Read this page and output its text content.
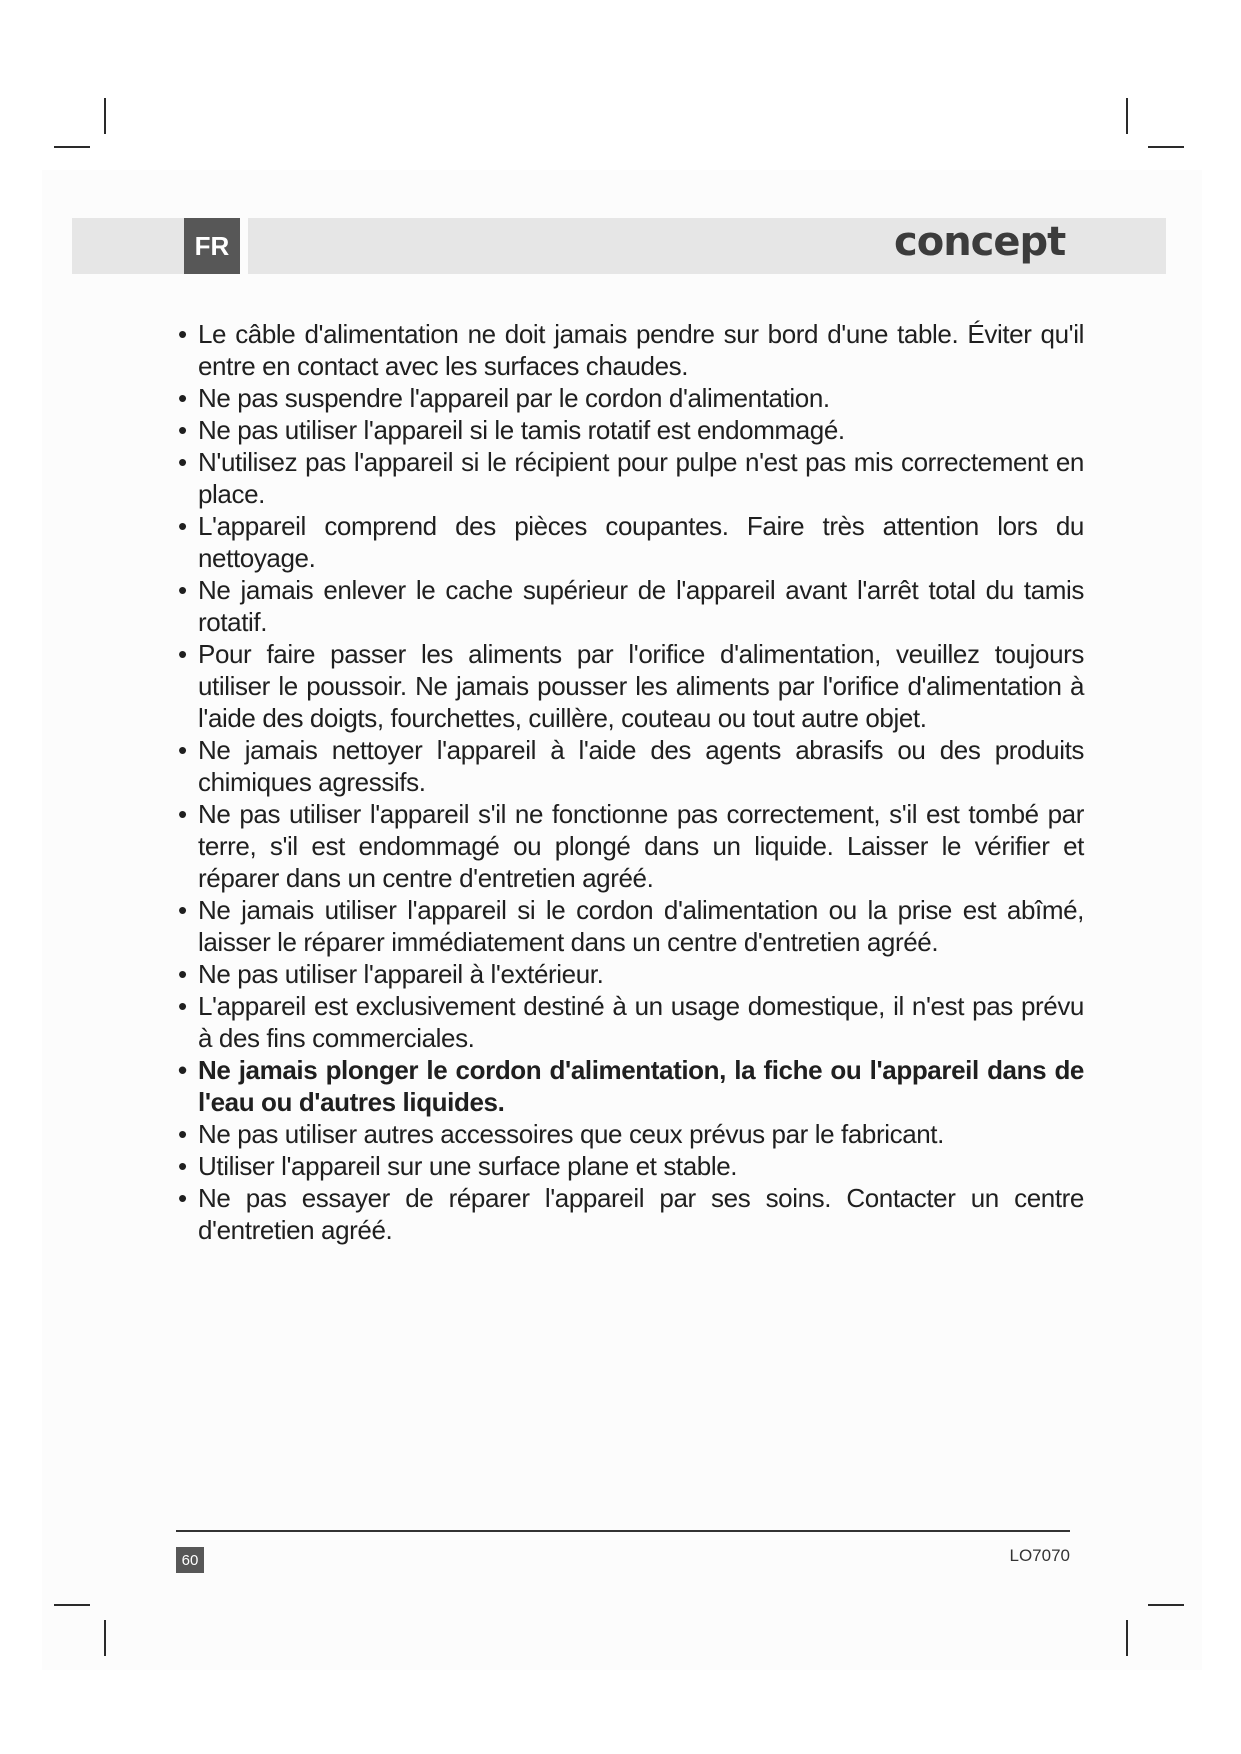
FR	concept
• Le câble d'alimentation ne doit jamais pendre sur bord d'une table. Éviter qu'il entre en contact avec les surfaces chaudes.
• Ne pas suspendre l'appareil par le cordon d'alimentation.
• Ne pas utiliser l'appareil si le tamis rotatif est endommagé.
• N'utilisez pas l'appareil si le récipient pour pulpe n'est pas mis correctement en place.
• L'appareil comprend des pièces coupantes. Faire très attention lors du nettoyage.
• Ne jamais enlever le cache supérieur de l'appareil avant l'arrêt total du tamis rotatif.
• Pour faire passer les aliments par l'orifice d'alimentation, veuillez toujours utiliser le poussoir. Ne jamais pousser les aliments par l'orifice d'alimentation à l'aide des doigts, fourchettes, cuillère, couteau ou tout autre objet.
• Ne jamais nettoyer l'appareil à l'aide des agents abrasifs ou des produits chimiques agressifs.
• Ne pas utiliser l'appareil s'il ne fonctionne pas correctement, s'il est tombé par terre, s'il est endommagé ou plongé dans un liquide. Laisser le vérifier et réparer dans un centre d'entretien agréé.
• Ne jamais utiliser l'appareil si le cordon d'alimentation ou la prise est abîmé, laisser le réparer immédiatement dans un centre d'entretien agréé.
• Ne pas utiliser l'appareil à l'extérieur.
• L'appareil est exclusivement destiné à un usage domestique, il n'est pas prévu à des fins commerciales.
• Ne jamais plonger le cordon d'alimentation, la fiche ou l'appareil dans de l'eau ou d'autres liquides.
• Ne pas utiliser autres accessoires que ceux prévus par le fabricant.
• Utiliser l'appareil sur une surface plane et stable.
• Ne pas essayer de réparer l'appareil par ses soins. Contacter un centre d'entretien agréé.
60	LO7070
